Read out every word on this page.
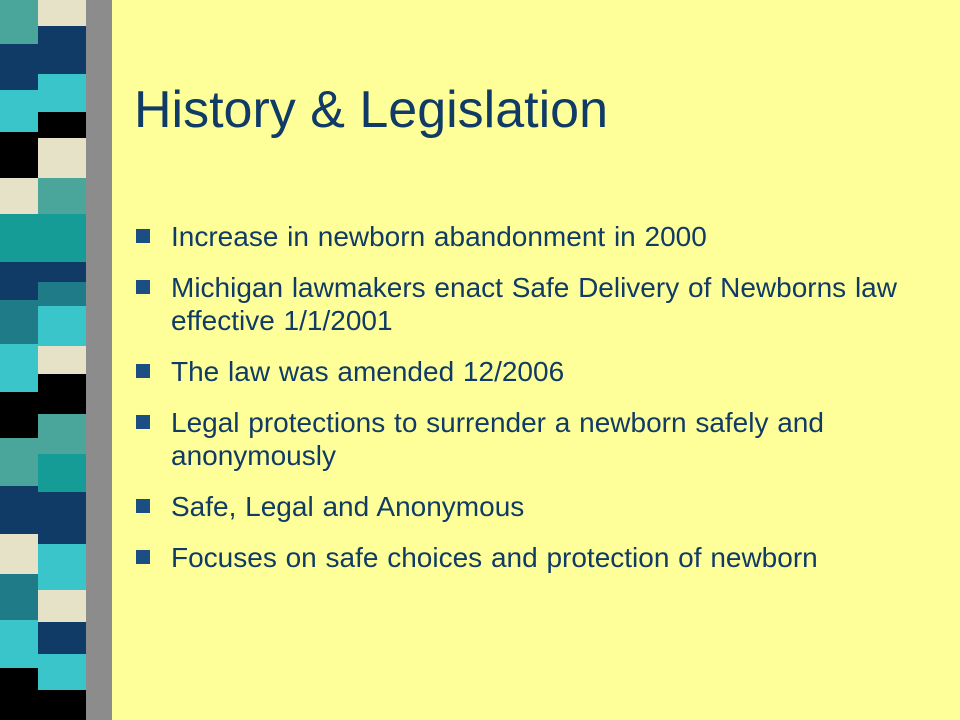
History & Legislation
Increase in newborn abandonment in 2000
Michigan lawmakers enact Safe Delivery of Newborns law effective 1/1/2001
The law was amended 12/2006
Legal protections to surrender a newborn safely and anonymously
Safe, Legal and Anonymous
Focuses on safe choices and protection of newborn
